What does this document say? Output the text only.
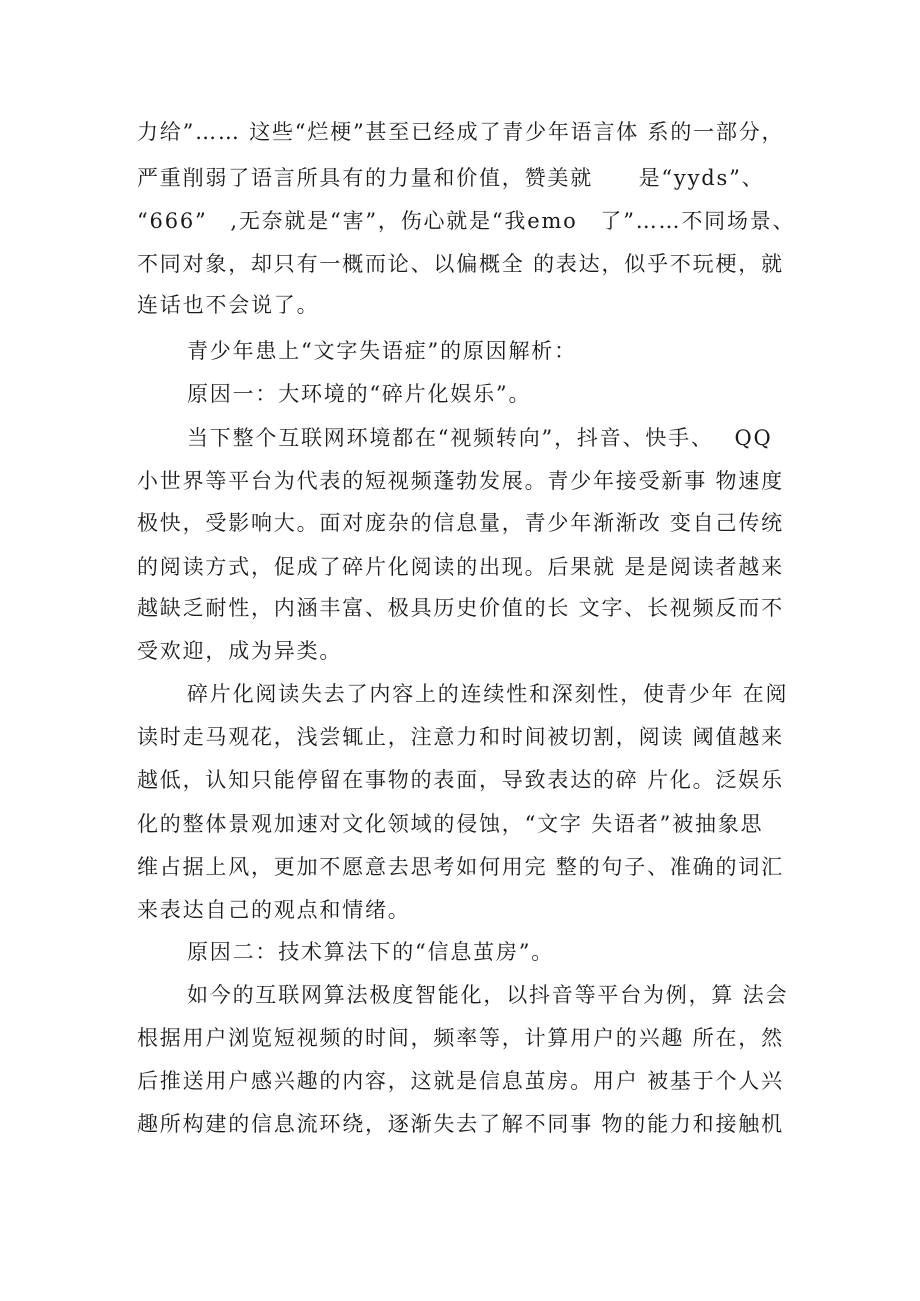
力给”…… 这些“烂梗”甚至已经成了青少年语言体 系的一部分，
严重削弱了语言所具有的力量和价值，赞美就　　是“yyds”、
“666”　,无奈就是“害”，伤心就是“我emo　了”……不同场景、
不同对象，却只有一概而论、以偏概全 的表达，似乎不玩梗，就
连话也不会说了。
青少年患上“文字失语症”的原因解析：
原因一：大环境的“碎片化娱乐”。
当下整个互联网环境都在“视频转向”，抖音、快手、　 QQ
小世界等平台为代表的短视频蓬勃发展。青少年接受新事 物速度
极快，受影响大。面对庞杂的信息量，青少年渐渐改 变自己传统
的阅读方式，促成了碎片化阅读的出现。后果就 是是阅读者越来
越缺乏耐性，内涵丰富、极具历史价值的长 文字、长视频反而不
受欢迎，成为异类。
碎片化阅读失去了内容上的连续性和深刻性，使青少年 在阅
读时走马观花，浅尝辄止，注意力和时间被切割，阅读 阈值越来
越低，认知只能停留在事物的表面，导致表达的碎 片化。泛娱乐
化的整体景观加速对文化领域的侵蚀，“文字 失语者”被抽象思
维占据上风，更加不愿意去思考如何用完 整的句子、准确的词汇
来表达自己的观点和情绪。
原因二：技术算法下的“信息茧房”。
如今的互联网算法极度智能化，以抖音等平台为例，算 法会
根据用户浏览短视频的时间，频率等，计算用户的兴趣 所在，然
后推送用户感兴趣的内容，这就是信息茧房。用户 被基于个人兴
趣所构建的信息流环绕，逐渐失去了解不同事 物的能力和接触机
